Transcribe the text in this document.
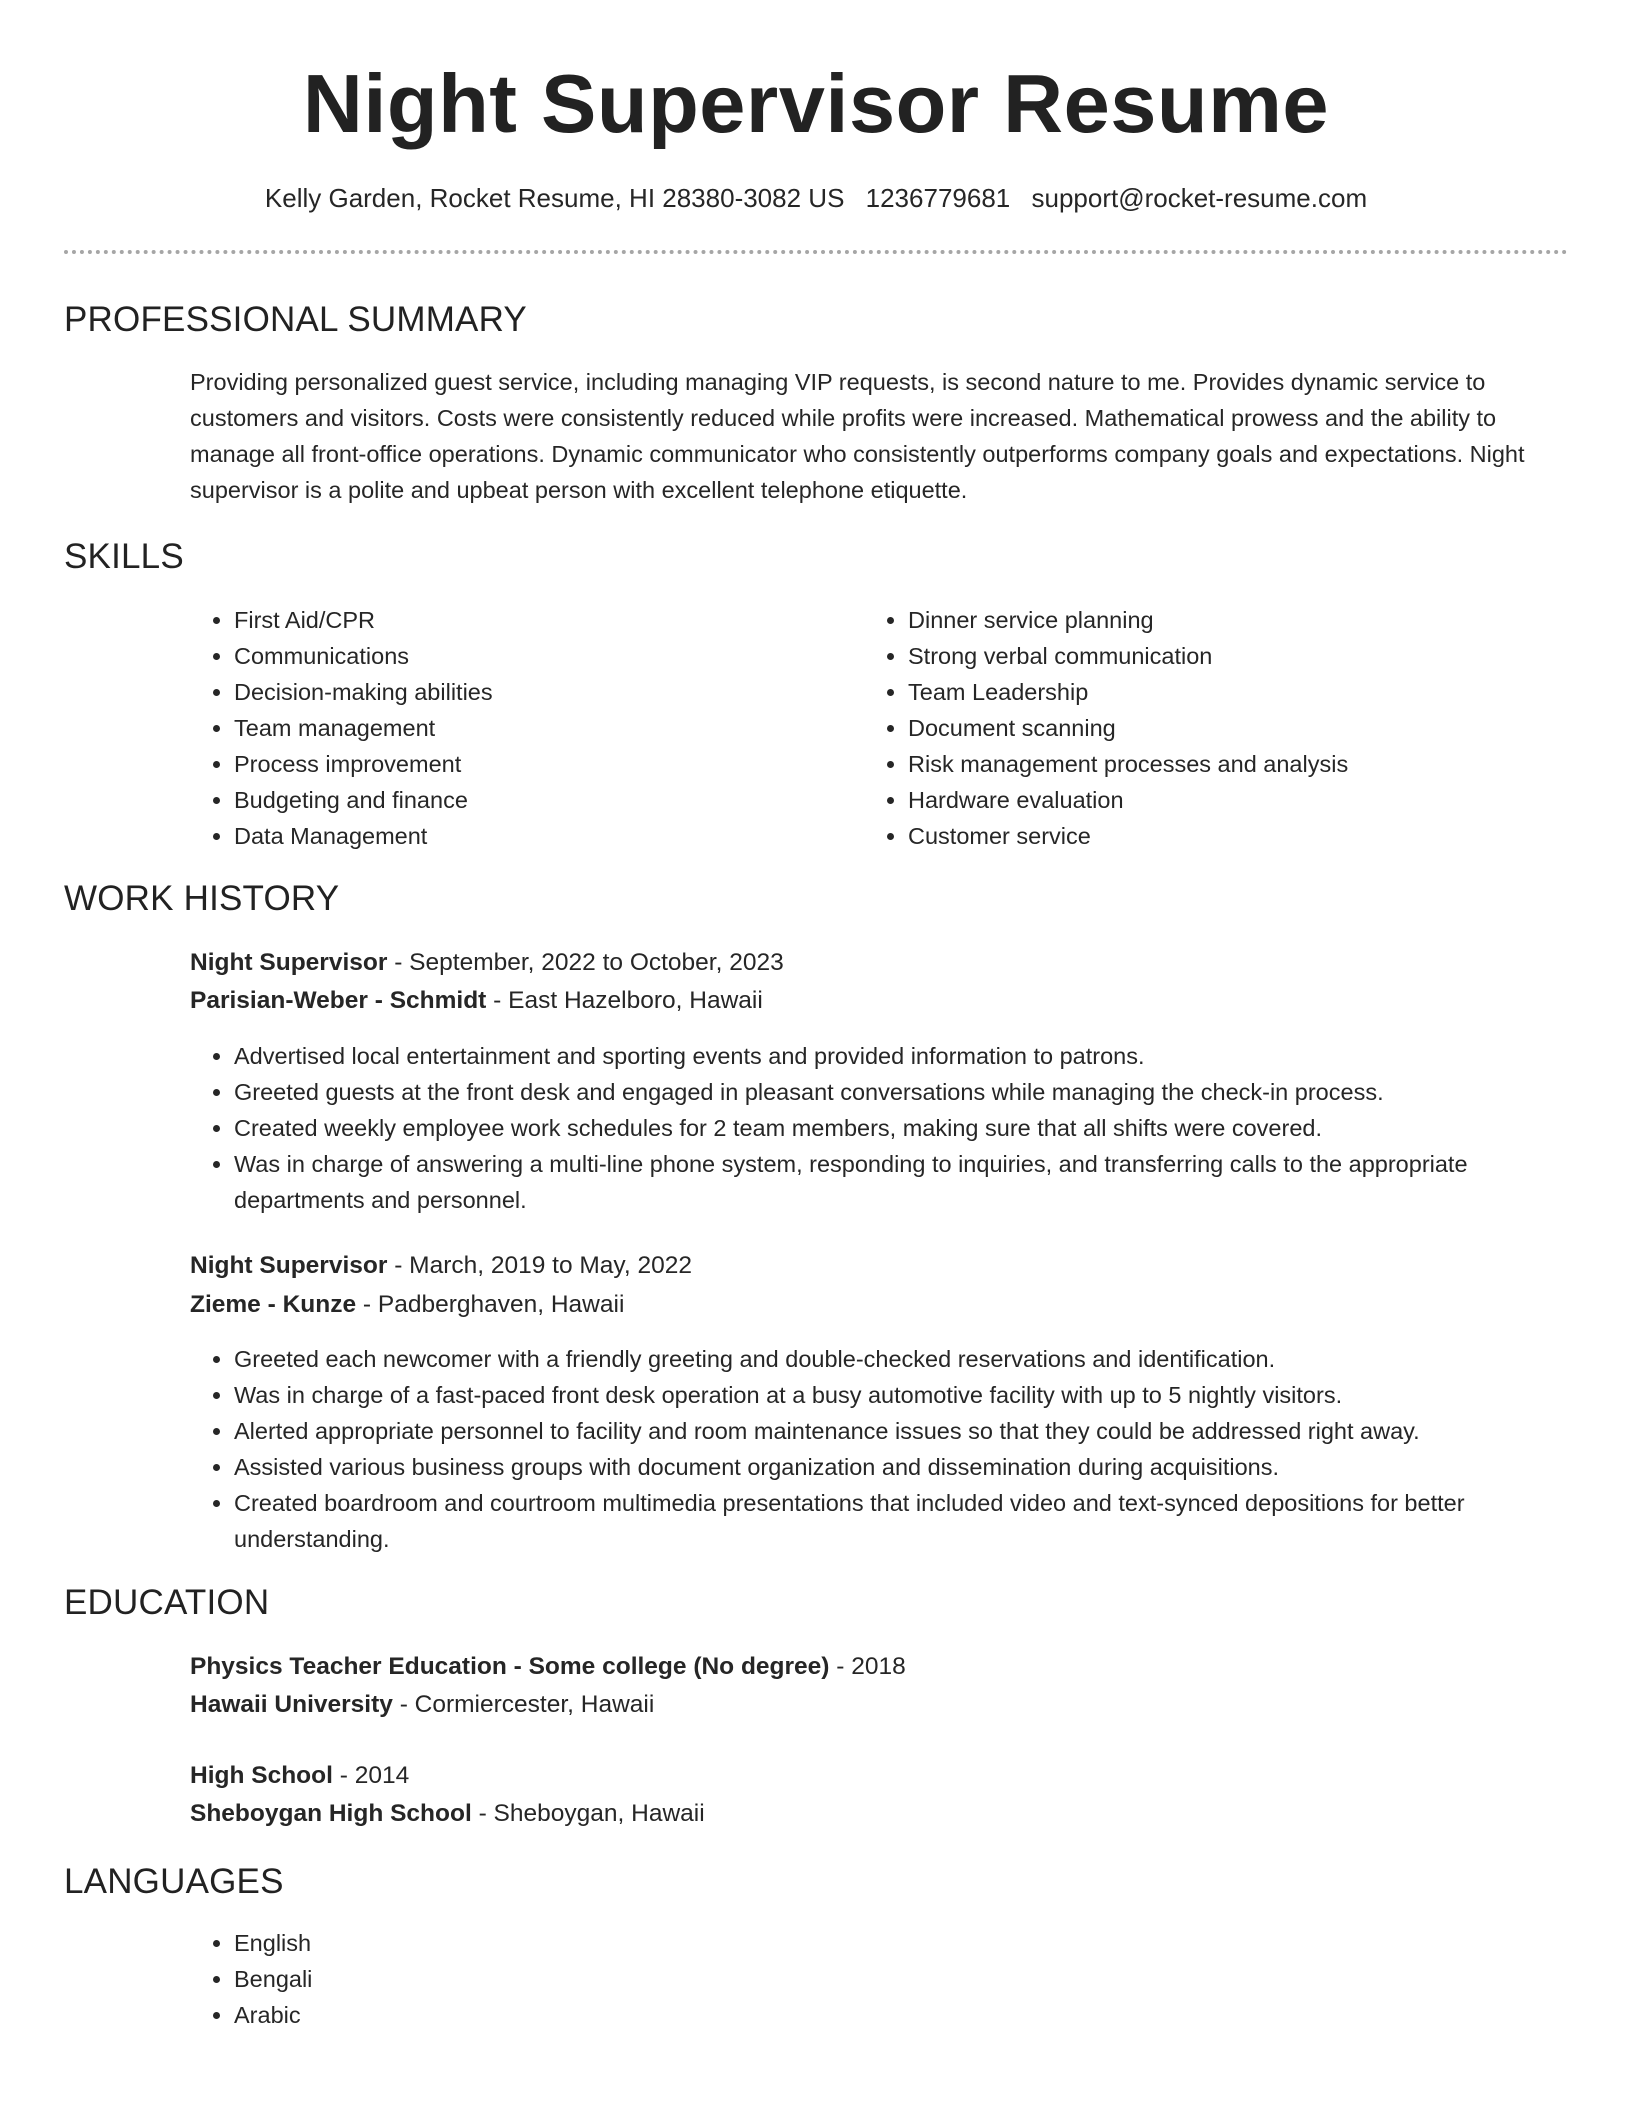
Night Supervisor Resume
Kelly Garden, Rocket Resume, HI 28380-3082 US 1236779681 support@rocket-resume.com
PROFESSIONAL SUMMARY
Providing personalized guest service, including managing VIP requests, is second nature to me. Provides dynamic service to customers and visitors. Costs were consistently reduced while profits were increased. Mathematical prowess and the ability to manage all front-office operations. Dynamic communicator who consistently outperforms company goals and expectations. Night supervisor is a polite and upbeat person with excellent telephone etiquette.
SKILLS
• First Aid/CPR
• Communications
• Decision-making abilities
• Team management
• Process improvement
• Budgeting and finance
• Data Management
• Dinner service planning
• Strong verbal communication
• Team Leadership
• Document scanning
• Risk management processes and analysis
• Hardware evaluation
• Customer service
WORK HISTORY
Night Supervisor - September, 2022 to October, 2023
Parisian-Weber - Schmidt - East Hazelboro, Hawaii
• Advertised local entertainment and sporting events and provided information to patrons.
• Greeted guests at the front desk and engaged in pleasant conversations while managing the check-in process.
• Created weekly employee work schedules for 2 team members, making sure that all shifts were covered.
• Was in charge of answering a multi-line phone system, responding to inquiries, and transferring calls to the appropriate departments and personnel.
Night Supervisor - March, 2019 to May, 2022
Zieme - Kunze - Padberghaven, Hawaii
• Greeted each newcomer with a friendly greeting and double-checked reservations and identification.
• Was in charge of a fast-paced front desk operation at a busy automotive facility with up to 5 nightly visitors.
• Alerted appropriate personnel to facility and room maintenance issues so that they could be addressed right away.
• Assisted various business groups with document organization and dissemination during acquisitions.
• Created boardroom and courtroom multimedia presentations that included video and text-synced depositions for better understanding.
EDUCATION
Physics Teacher Education - Some college (No degree) - 2018
Hawaii University - Cormiercester, Hawaii
High School - 2014
Sheboygan High School - Sheboygan, Hawaii
LANGUAGES
• English
• Bengali
• Arabic
